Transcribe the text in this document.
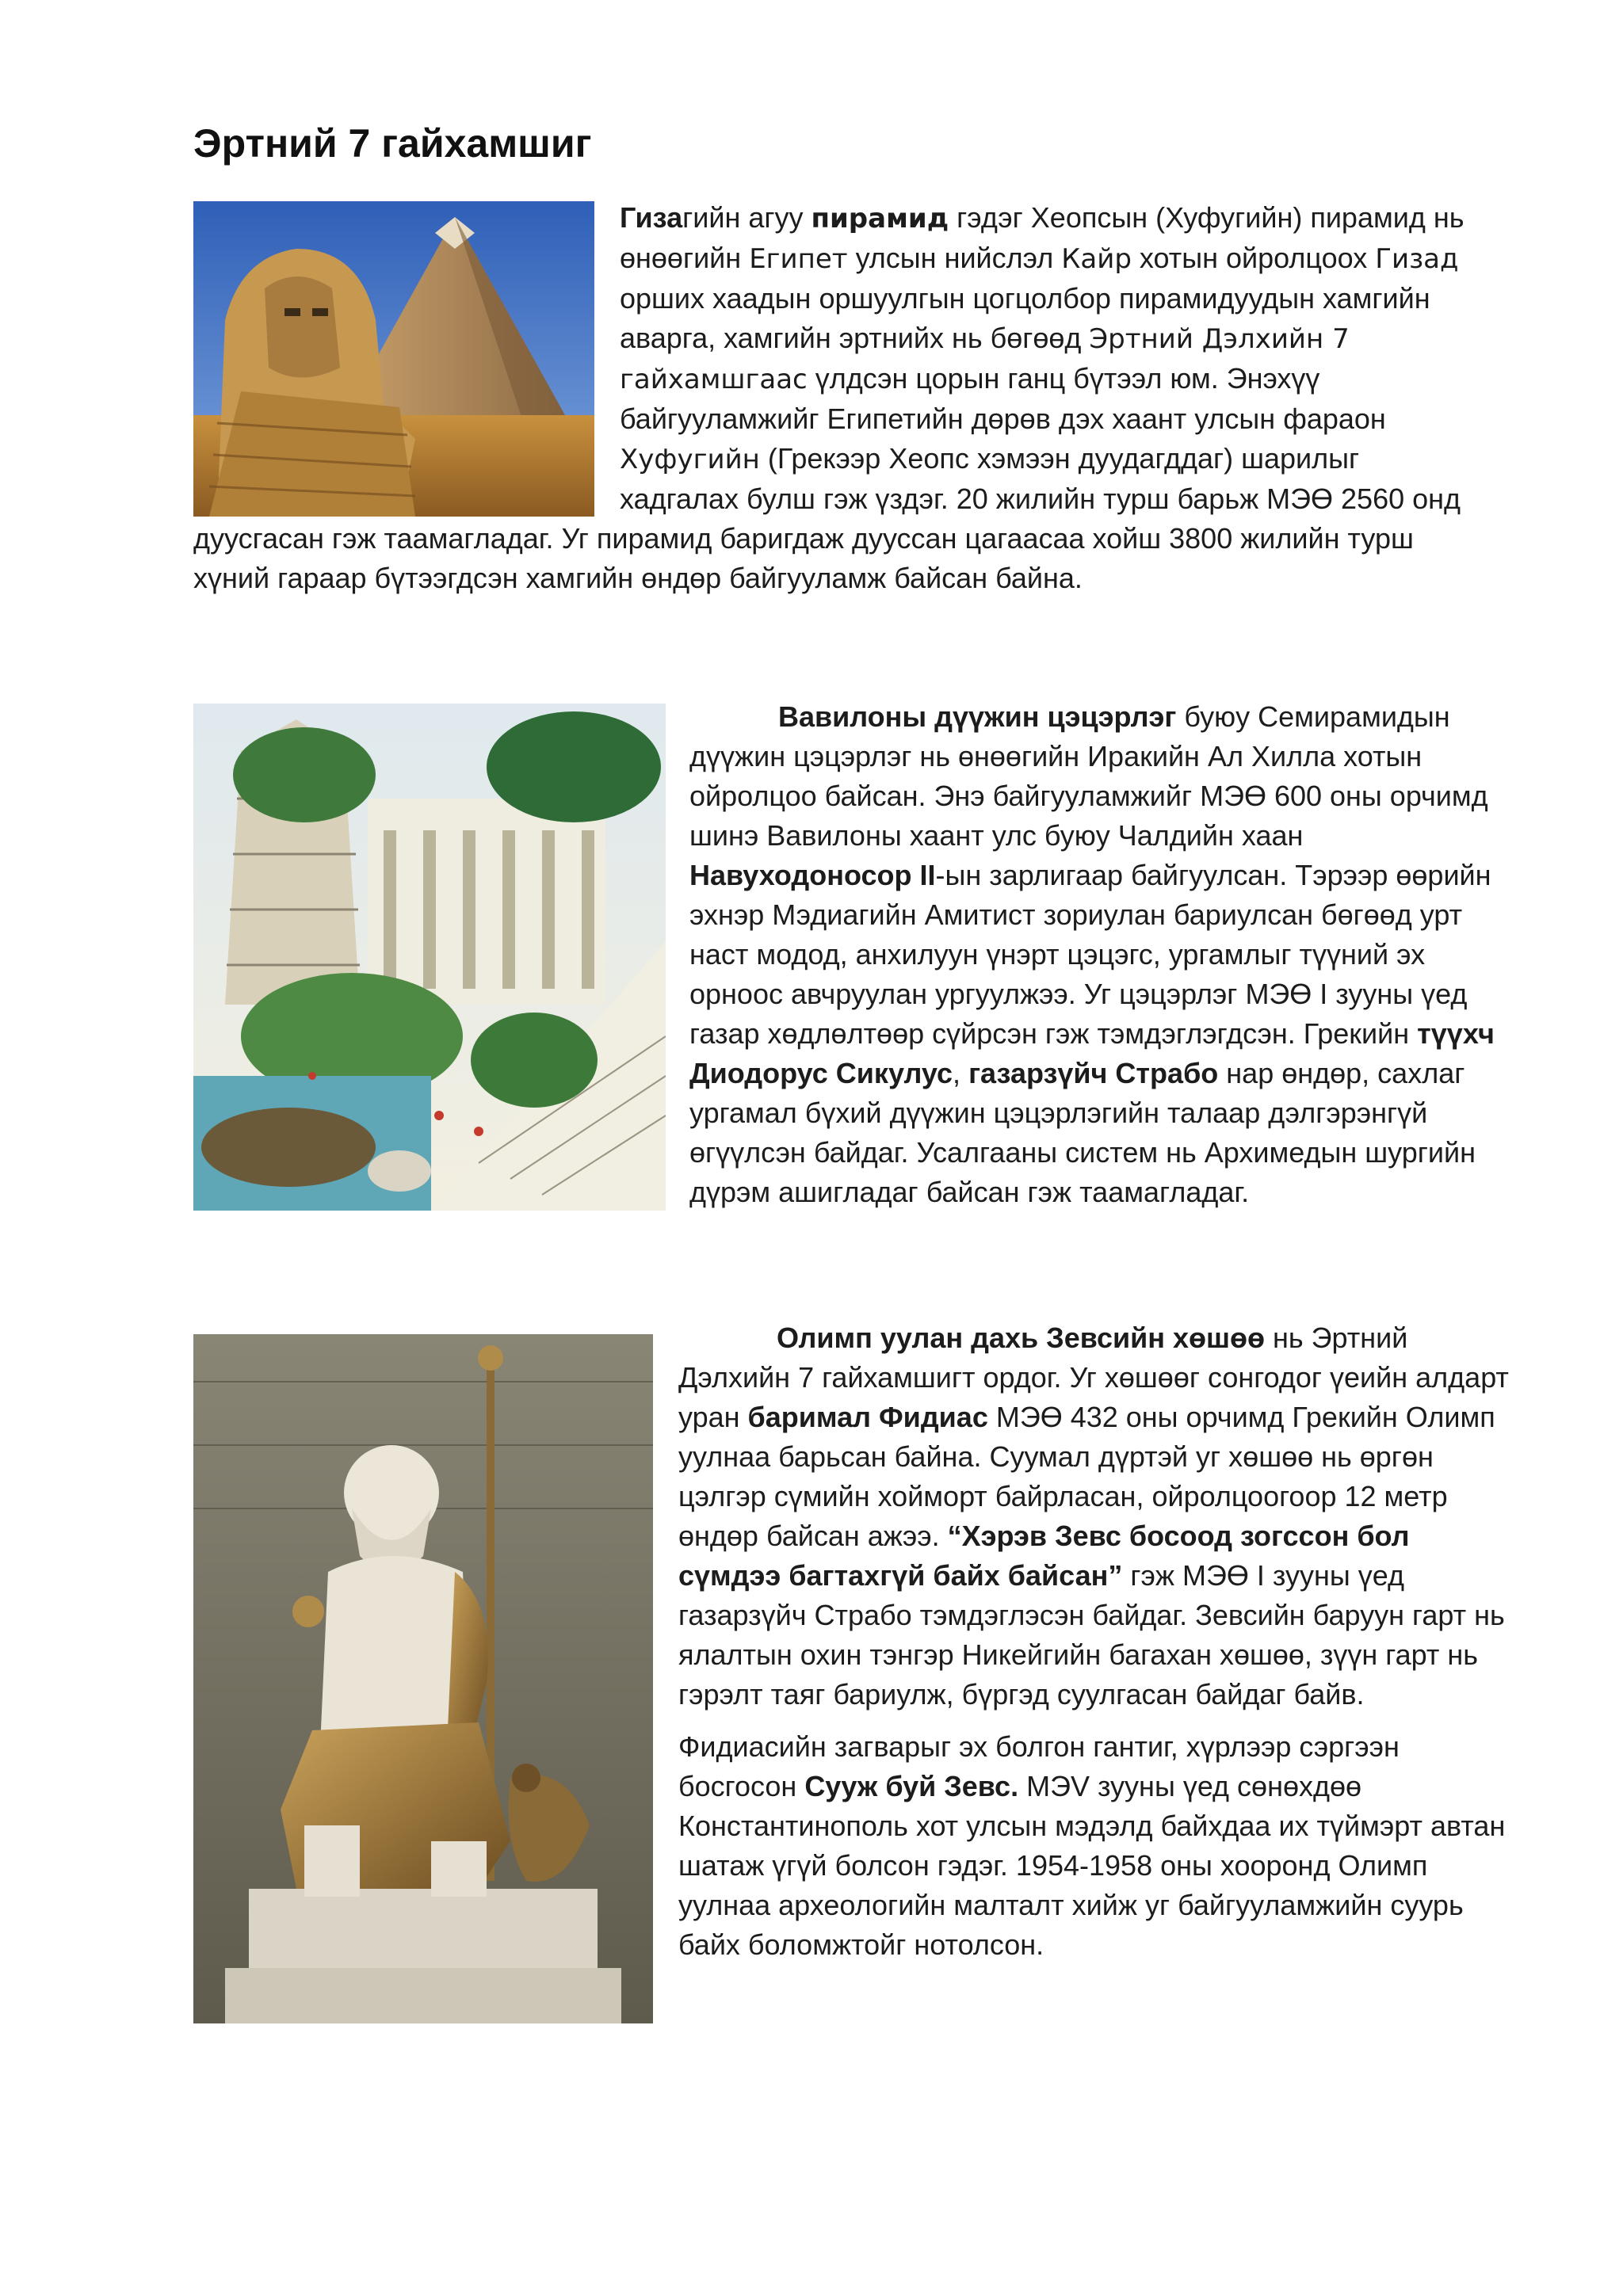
Эртний 7 гайхамшиг

Гизагийн агуу пирамид гэдэг Хеопсын (Хуфугийн) пирамид нь өнөөгийн Египет улсын нийслэл Кайр хотын ойролцоох Гизад орших хаадын оршуулгын цогцолбор пирамидуудын хамгийн аварга, хамгийн эртнийх нь бөгөөд Эртний Дэлхийн 7 гайхамшгаас үлдсэн цорын ганц бүтээл юм. Энэхүү байгууламжийг Египетийн дөрөв дэх хаант улсын фараон Хуфугийн (Грекээр Хеопс хэмээн дуудагддаг) шарилыг хадгалах булш гэж үздэг. 20 жилийн турш барьж МЭӨ 2560 онд дуусгасан гэж таамагладаг. Уг пирамид баригдаж дууссан цагаасаа хойш 3800 жилийн турш хүний гараар бүтээгдсэн хамгийн өндөр байгууламж байсан байна.

Вавилоны дүүжин цэцэрлэг буюу Семирамидын дүүжин цэцэрлэг нь өнөөгийн Иракийн Ал Хилла хотын ойролцоо байсан. Энэ байгууламжийг МЭӨ 600 оны орчимд шинэ Вавилоны хаант улс буюу Чалдийн хаан Навуходоносор II-ын зарлигаар байгуулсан. Тэрээр өөрийн эхнэр Мэдиагийн Амитист зориулан бариулсан бөгөөд урт наст модод, анхилуун үнэрт цэцэгс, ургамлыг түүний эх орноос авчруулан ургуулжээ. Уг цэцэрлэг МЭӨ I зууны үед газар хөдлөлтөөр сүйрсэн гэж тэмдэглэгдсэн. Грекийн түүхч Диодорус Сикулус, газарзүйч Страбо нар өндөр, сахлаг ургамал бүхий дүүжин цэцэрлэгийн талаар дэлгэрэнгүй өгүүлсэн байдаг. Усалгааны систем нь Архимедын шургийн дүрэм ашигладаг байсан гэж таамагладаг.

Олимп уулан дахь Зевсийн хөшөө нь Эртний Дэлхийн 7 гайхамшигт ордог. Уг хөшөөг сонгодог үеийн алдарт уран баримал Фидиас МЭӨ 432 оны орчимд Грекийн Олимп уулнаа барьсан байна. Суумал дүртэй уг хөшөө нь өргөн цэлгэр сүмийн хойморт байрласан, ойролцоогоор 12 метр өндөр байсан ажээ. “Хэрэв Зевс босоод зогссон бол сүмдээ багтахгүй байх байсан” гэж МЭӨ I зууны үед газарзүйч Страбо тэмдэглэсэн байдаг. Зевсийн баруун гарт нь ялалтын охин тэнгэр Никейгийн багахан хөшөө, зүүн гарт нь гэрэлт таяг бариулж, бүргэд суулгасан байдаг байв.

Фидиасийн загварыг эх болгон гантиг, хүрлээр сэргээн босгосон Сууж буй Зевс. МЭV зууны үед сөнөхдөө Константинополь хот улсын мэдэлд байхдаа их түймэрт автан шатаж үгүй болсон гэдэг. 1954-1958 оны хооронд Олимп уулнаа археологийн малталт хийж уг байгууламжийн суурь байх боломжтойг нотолсон.
